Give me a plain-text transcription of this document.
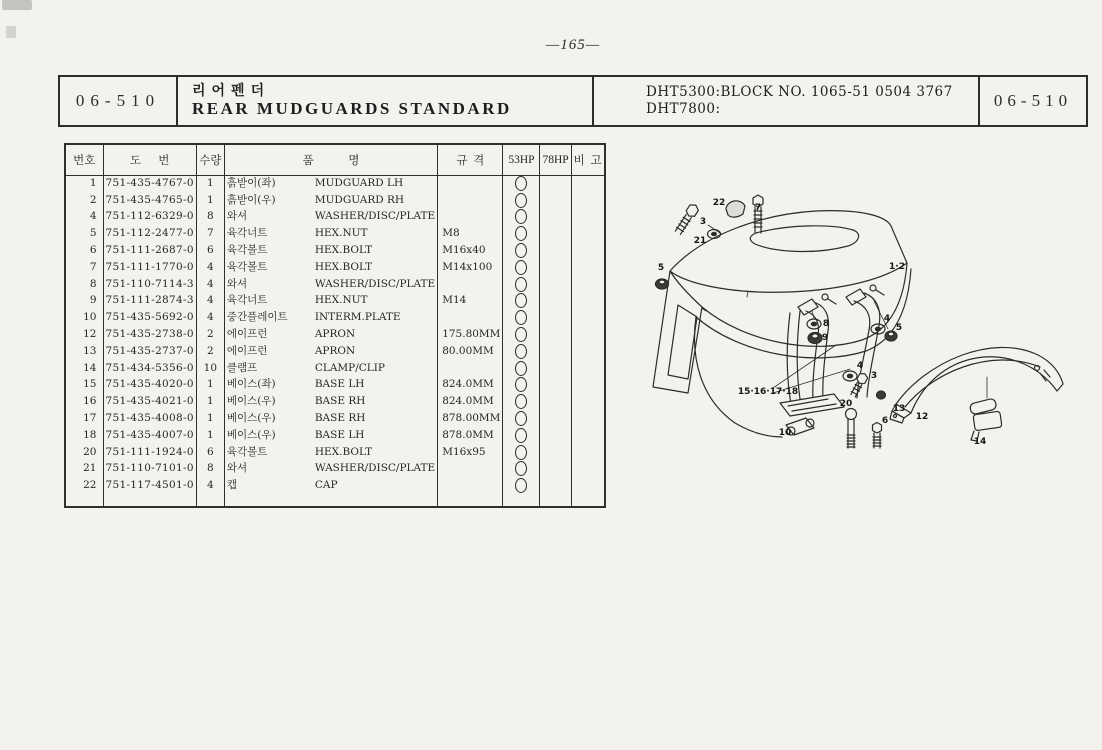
—165—
06-510	리어펜더
REAR MUDGUARDS STANDARD
DHT5300:BLOCK NO. 1065-51 0504 3767
DHT7800:	06-510
번호	도      번	수량	품            명	규  격	53HP	78HP	비  고
1	751-435-4767-0	1	흙받이(좌) MUDGUARD LH				

2	751-435-4765-0	1	흙받이(우) MUDGUARD RH				

4	751-112-6329-0	8	와셔 WASHER/DISC/PLATE				

5	751-112-2477-0	7	육각너트 HEX.NUT	M8			
6	751-111-2687-0	6	육각볼트 HEX.BOLT	M16x40			
7	751-111-1770-0	4	육각볼트 HEX.BOLT	M14x100			
8	751-110-7114-3	4	와셔 WASHER/DISC/PLATE				

9	751-111-2874-3	4	육각너트 HEX.NUT	M14			
10	751-435-5692-0	4	중간플레이트 INTERM.PLATE				

12	751-435-2738-0	2	에이프런 APRON	175.80MM			
13	751-435-2737-0	2	에이프런 APRON	80.00MM			
14	751-434-5356-0	10	클램프 CLAMP/CLIP				

15	751-435-4020-0	1	베이스(좌) BASE LH	824.0MM			
16	751-435-4021-0	1	베이스(우) BASE RH	824.0MM			
17	751-435-4008-0	1	베이스(우) BASE RH	878.00MM			
18	751-435-4007-0	1	베이스(우) BASE LH	878.0MM			
20	751-111-1924-0	6	육각볼트 HEX.BOLT	M16x95			
21	751-110-7101-0	8	와셔 WASHER/DISC/PLATE				

22	751-117-4501-0	4	캡 CAP				

22	7
3
21
5	1·2
8
9
4
5
4
3
15·16·17·18
20
6
13
12
10
14
